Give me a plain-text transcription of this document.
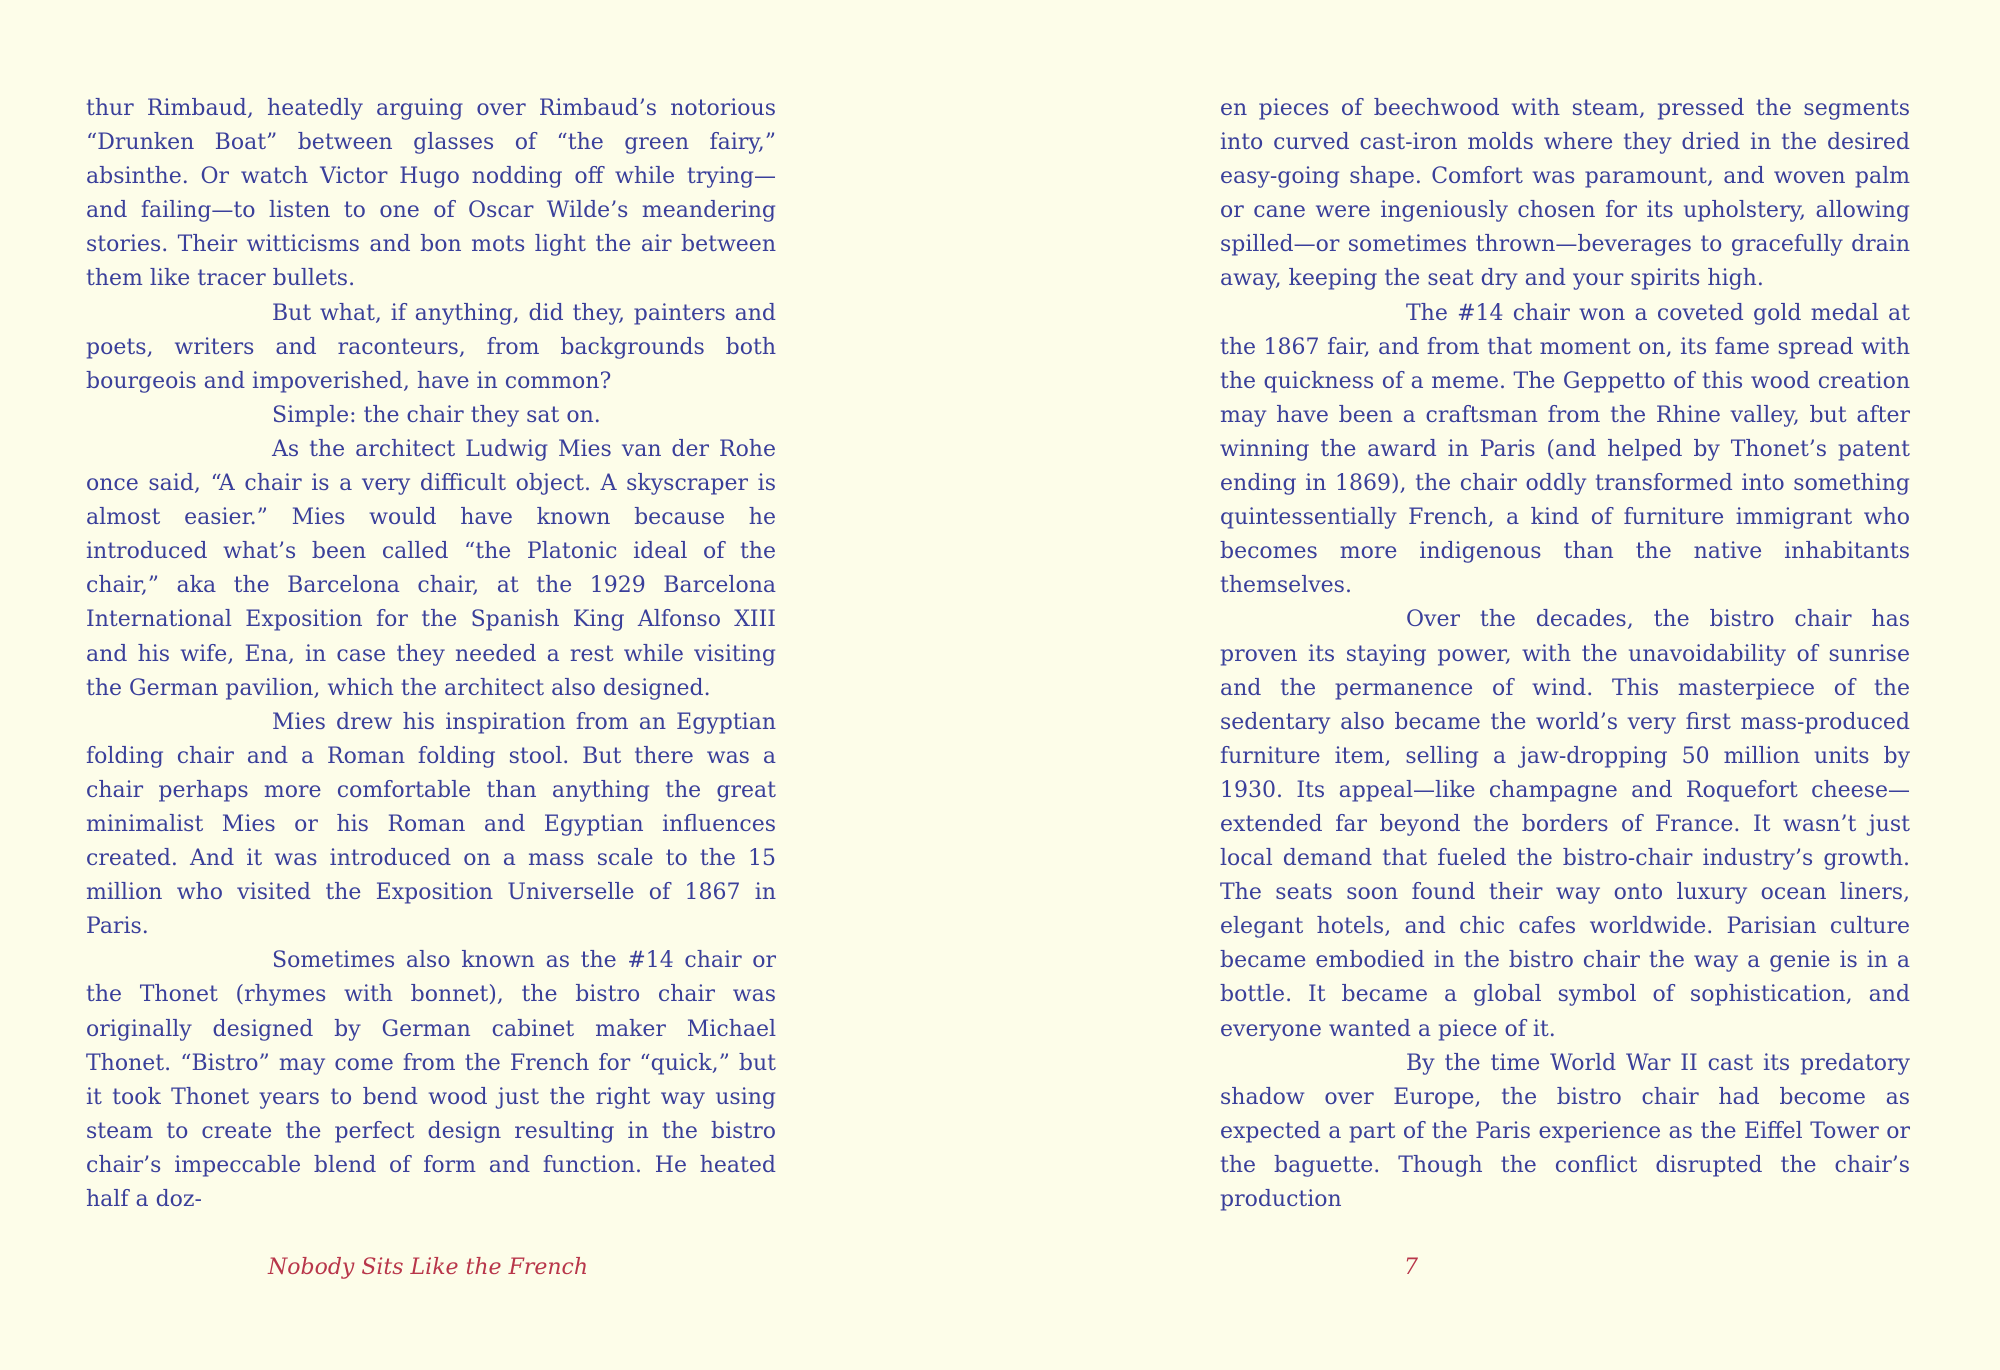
thur Rimbaud, heatedly arguing over Rimbaud’s notorious “Drunken Boat” between glasses of “the green fairy,” absinthe. Or watch Victor Hugo nodding off while trying—and failing—to listen to one of Oscar Wilde’s meandering stories. Their witticisms and bon mots light the air between them like tracer bullets.

But what, if anything, did they, painters and poets, writers and raconteurs, from backgrounds both bourgeois and impoverished, have in common?

Simple: the chair they sat on.

As the architect Ludwig Mies van der Rohe once said, “A chair is a very difficult object. A skyscraper is almost easier.” Mies would have known because he introduced what’s been called “the Platonic ideal of the chair,” aka the Barcelona chair, at the 1929 Barcelona International Exposition for the Spanish King Alfonso XIII and his wife, Ena, in case they needed a rest while visiting the German pavilion, which the architect also designed.

Mies drew his inspiration from an Egyptian folding chair and a Roman folding stool. But there was a chair perhaps more comfortable than anything the great minimalist Mies or his Roman and Egyptian influences created. And it was introduced on a mass scale to the 15 million who visited the Exposition Universelle of 1867 in Paris.

Sometimes also known as the #14 chair or the Thonet (rhymes with bonnet), the bistro chair was originally designed by German cabinet maker Michael Thonet. “Bistro” may come from the French for “quick,” but it took Thonet years to bend wood just the right way using steam to create the perfect design resulting in the bistro chair’s impeccable blend of form and function. He heated half a doz-

en pieces of beechwood with steam, pressed the segments into curved cast-iron molds where they dried in the desired easy-going shape. Comfort was paramount, and woven palm or cane were ingeniously chosen for its upholstery, allowing spilled—or sometimes thrown—beverages to gracefully drain away, keeping the seat dry and your spirits high.

The #14 chair won a coveted gold medal at the 1867 fair, and from that moment on, its fame spread with the quickness of a meme. The Geppetto of this wood creation may have been a craftsman from the Rhine valley, but after winning the award in Paris (and helped by Thonet’s patent ending in 1869), the chair oddly transformed into something quintessentially French, a kind of furniture immigrant who becomes more indigenous than the native inhabitants themselves.

Over the decades, the bistro chair has proven its staying power, with the unavoidability of sunrise and the permanence of wind. This masterpiece of the sedentary also became the world’s very first mass-produced furniture item, selling a jaw-dropping 50 million units by 1930. Its appeal—like champagne and Roquefort cheese—extended far beyond the borders of France. It wasn’t just local demand that fueled the bistro-chair industry’s growth. The seats soon found their way onto luxury ocean liners, elegant hotels, and chic cafes worldwide. Parisian culture became embodied in the bistro chair the way a genie is in a bottle. It became a global symbol of sophistication, and everyone wanted a piece of it.

By the time World War II cast its predatory shadow over Europe, the bistro chair had become as expected a part of the Paris experience as the Eiffel Tower or the baguette. Though the conflict disrupted the chair’s production

Nobody Sits Like the French	7
